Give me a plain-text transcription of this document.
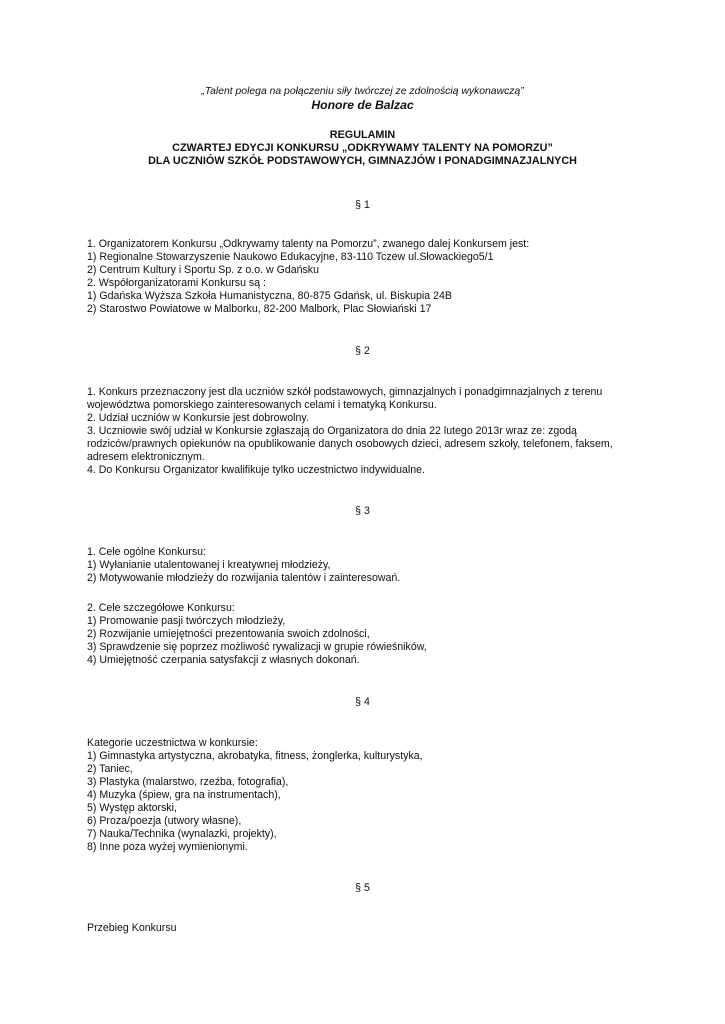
„Talent polega na połączeniu siły twórczej ze zdolnością wykonawczą”
Honore de Balzac
REGULAMIN
CZWARTEJ EDYCJI KONKURSU „ODKRYWAMY TALENTY NA POMORZU”
DLA UCZNIÓW SZKÓŁ PODSTAWOWYCH, GIMNAZJÓW I PONADGIMNAZJALNYCH
§ 1
1. Organizatorem Konkursu „Odkrywamy talenty na Pomorzu”, zwanego dalej Konkursem jest:
1) Regionalne Stowarzyszenie Naukowo Edukacyjne, 83-110 Tczew ul.Słowackiego5/1
2) Centrum Kultury i Sportu Sp. z o.o. w Gdańsku
2. Współorganizatorami Konkursu są :
1) Gdańska Wyższa Szkoła Humanistyczna, 80-875 Gdańsk, ul. Biskupia 24B
2) Starostwo Powiatowe w Malborku, 82-200 Malbork, Plac Słowiański 17
§ 2
1. Konkurs przeznaczony jest dla uczniów szkół podstawowych, gimnazjalnych i ponadgimnazjalnych z terenu
województwa pomorskiego zainteresowanych celami i tematyką Konkursu.
2. Udział uczniów w Konkursie jest dobrowolny.
3. Uczniowie swój udział w Konkursie zgłaszają do Organizatora do dnia 22 lutego 2013r wraz ze: zgodą
rodziców/prawnych opiekunów na opublikowanie danych osobowych dzieci, adresem szkoły, telefonem, faksem,
adresem elektronicznym.
4. Do Konkursu Organizator kwalifikuje tylko uczestnictwo indywidualne.
§ 3
1. Cele ogólne Konkursu:
1) Wyłanianie utalentowanej i kreatywnej młodzieży,
2) Motywowanie młodzieży do rozwijania talentów i zainteresowań.
2. Cele szczegółowe Konkursu:
1) Promowanie pasji twórczych młodzieży,
2) Rozwijanie umiejętności prezentowania swoich zdolności,
3) Sprawdzenie się poprzez możliwość rywalizacji w grupie rówieśników,
4) Umiejętność czerpania satysfakcji z własnych dokonań.
§ 4
Kategorie uczestnictwa w konkursie:
1) Gimnastyka artystyczna, akrobatyka, fitness, żonglerka, kulturystyka,
2) Taniec,
3) Plastyka (malarstwo, rzeźba, fotografia),
4) Muzyka (śpiew, gra na instrumentach),
5) Występ aktorski,
6) Proza/poezja (utwory własne),
7) Nauka/Technika (wynalazki, projekty),
8) Inne poza wyżej wymienionymi.
§ 5
Przebieg Konkursu
